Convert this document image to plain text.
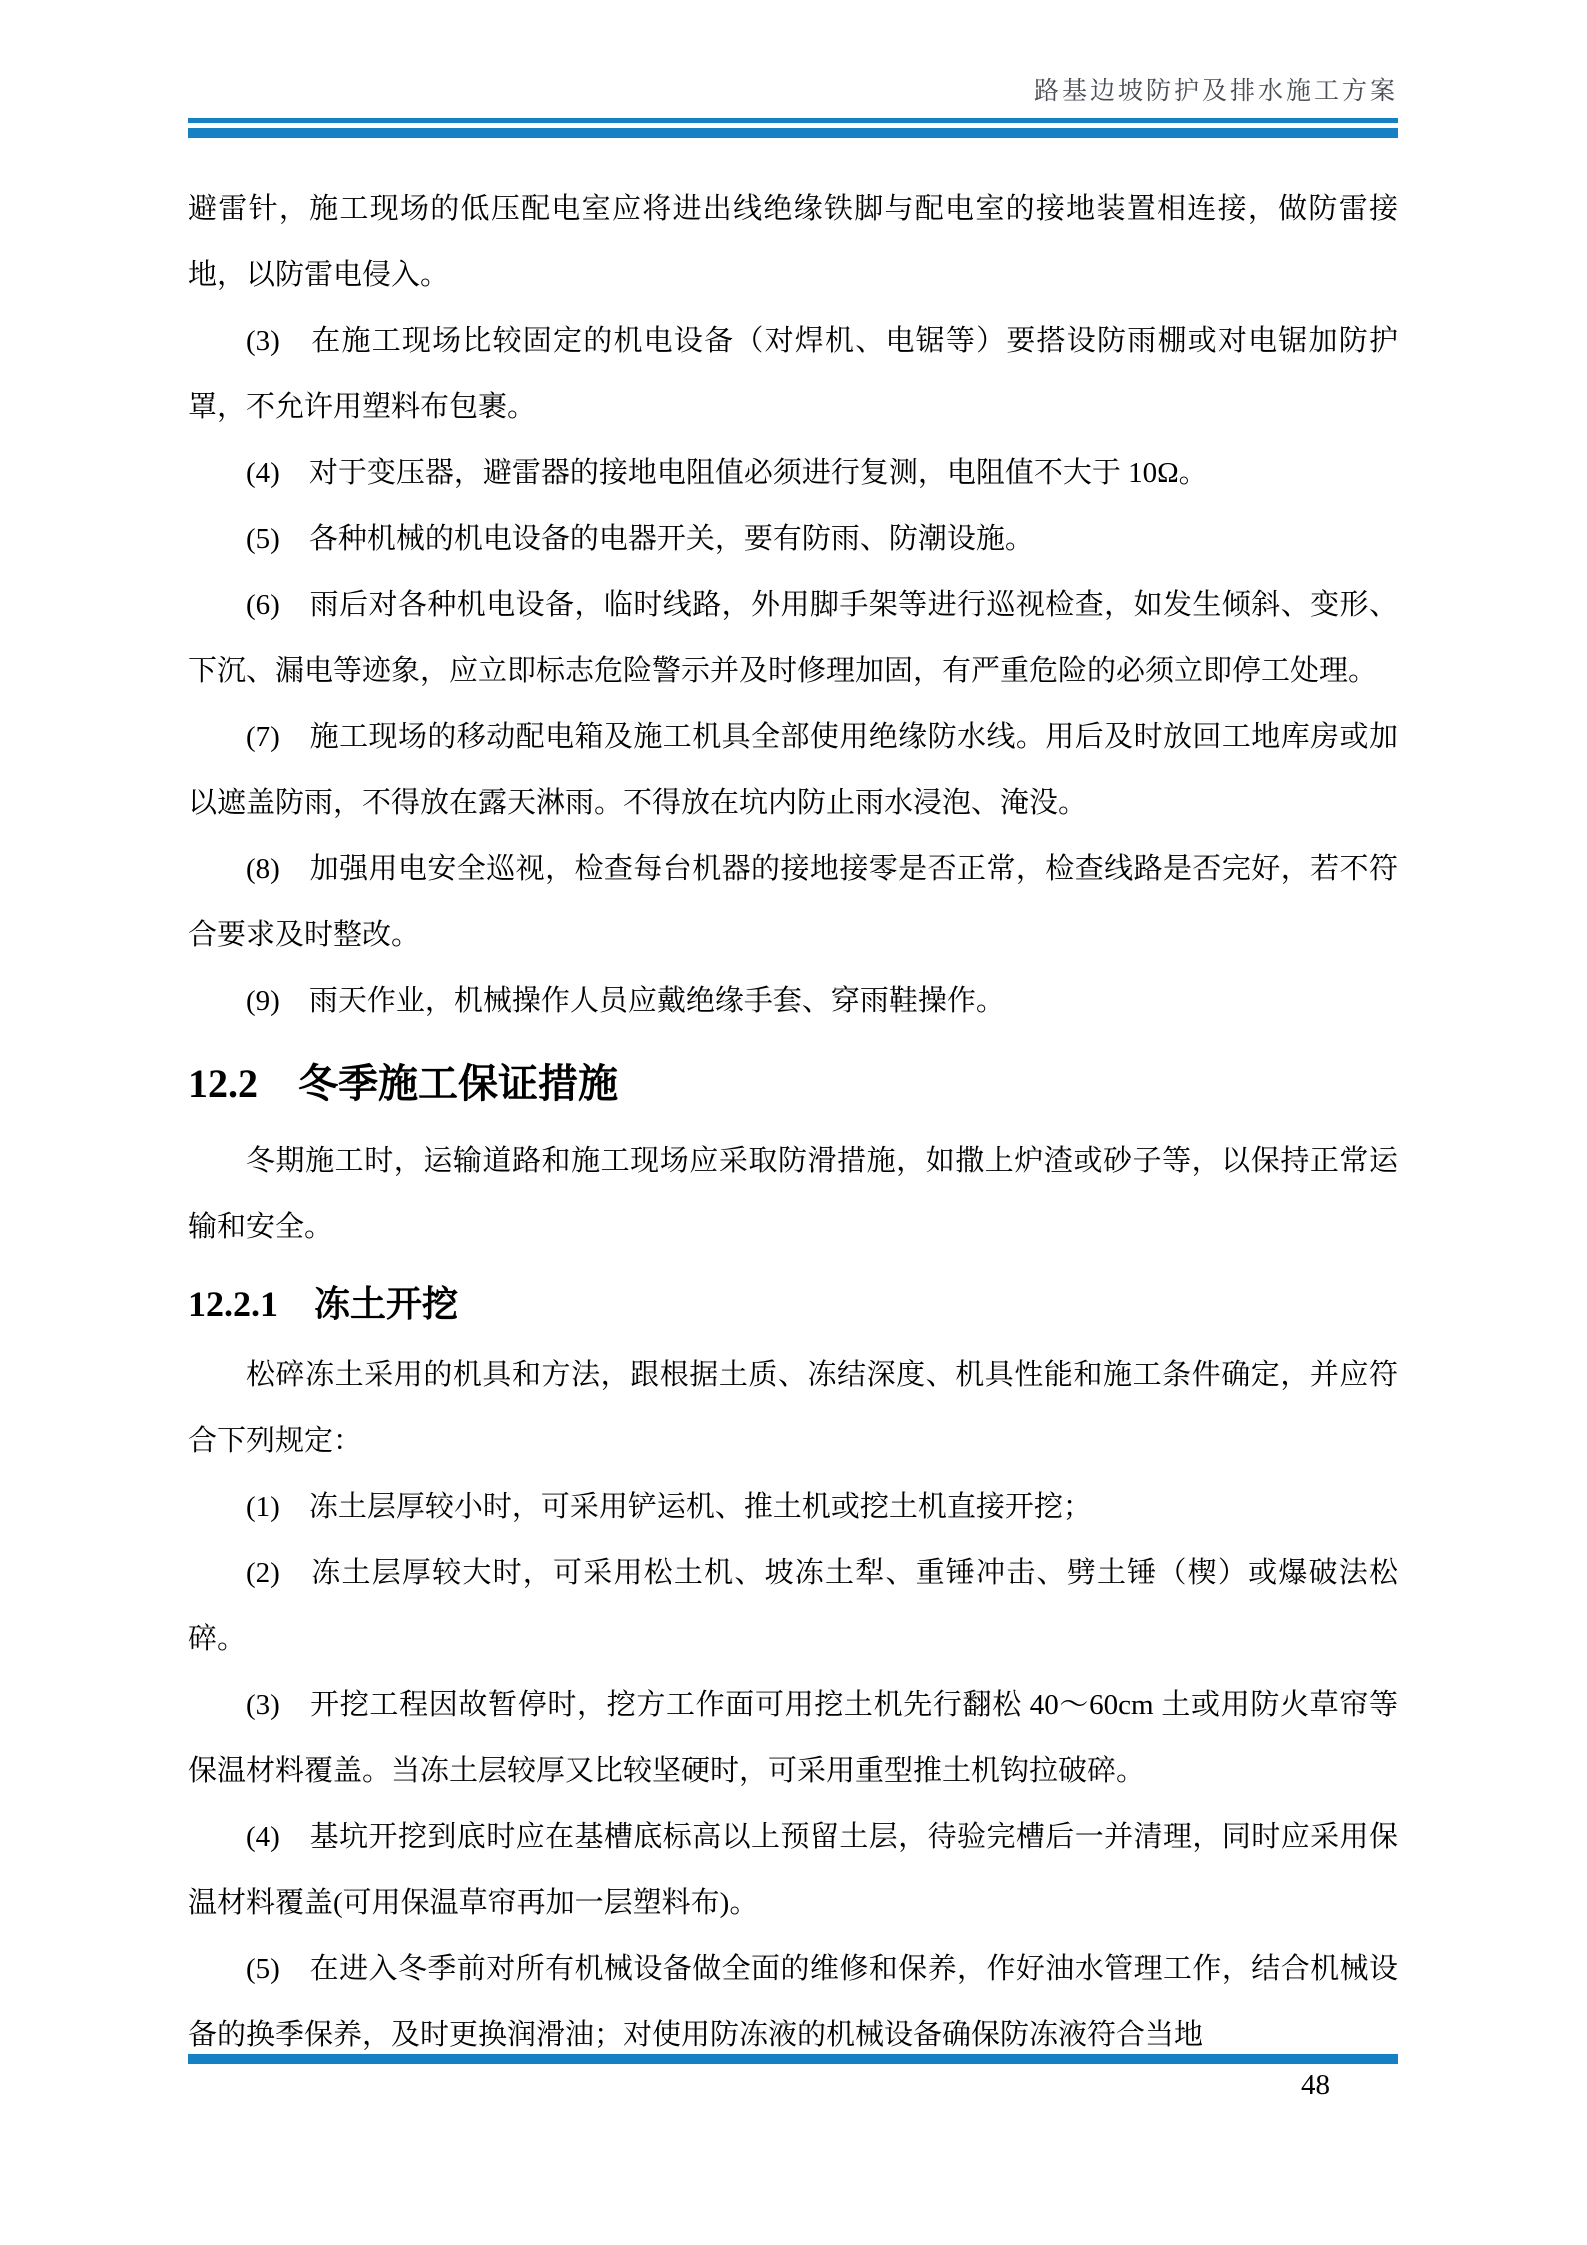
路基边坡防护及排水施工方案

避雷针，施工现场的低压配电室应将进出线绝缘铁脚与配电室的接地装置相连接，做防雷接地，以防雷电侵入。

(3)　在施工现场比较固定的机电设备（对焊机、电锯等）要搭设防雨棚或对电锯加防护罩，不允许用塑料布包裹。

(4)　对于变压器，避雷器的接地电阻值必须进行复测，电阻值不大于 10Ω。

(5)　各种机械的机电设备的电器开关，要有防雨、防潮设施。

(6)　雨后对各种机电设备，临时线路，外用脚手架等进行巡视检查，如发生倾斜、变形、下沉、漏电等迹象，应立即标志危险警示并及时修理加固，有严重危险的必须立即停工处理。

(7)　施工现场的移动配电箱及施工机具全部使用绝缘防水线。用后及时放回工地库房或加以遮盖防雨，不得放在露天淋雨。不得放在坑内防止雨水浸泡、淹没。

(8)　加强用电安全巡视，检查每台机器的接地接零是否正常，检查线路是否完好，若不符合要求及时整改。

(9)　雨天作业，机械操作人员应戴绝缘手套、穿雨鞋操作。

12.2 冬季施工保证措施

冬期施工时，运输道路和施工现场应采取防滑措施，如撒上炉渣或砂子等，以保持正常运输和安全。

12.2.1 冻土开挖

松碎冻土采用的机具和方法，跟根据土质、冻结深度、机具性能和施工条件确定，并应符合下列规定：

(1)　冻土层厚较小时，可采用铲运机、推土机或挖土机直接开挖；

(2)　冻土层厚较大时，可采用松土机、坡冻土犁、重锤冲击、劈土锤（楔）或爆破法松碎。

(3)　开挖工程因故暂停时，挖方工作面可用挖土机先行翻松 40～60cm 土或用防火草帘等保温材料覆盖。当冻土层较厚又比较坚硬时，可采用重型推土机钩拉破碎。

(4)　基坑开挖到底时应在基槽底标高以上预留土层，待验完槽后一并清理，同时应采用保温材料覆盖(可用保温草帘再加一层塑料布)。

(5)　在进入冬季前对所有机械设备做全面的维修和保养，作好油水管理工作，结合机械设备的换季保养，及时更换润滑油；对使用防冻液的机械设备确保防冻液符合当地

48
